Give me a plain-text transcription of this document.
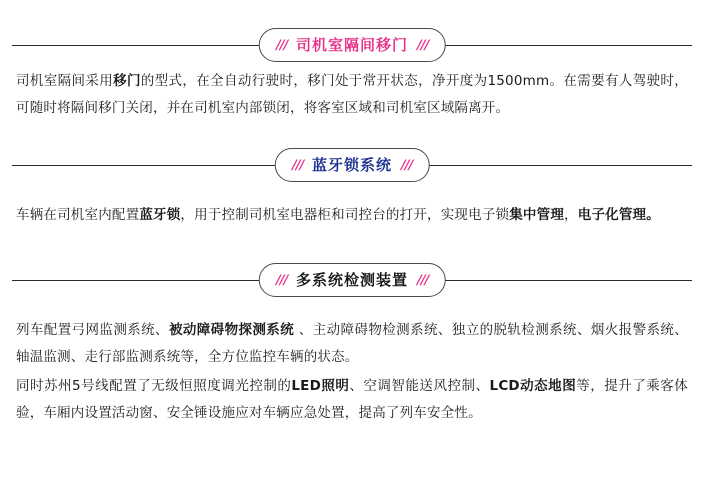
/// 司机室隔间移门 ///

司机室隔间采用移门的型式，在全自动行驶时，移门处于常开状态，净开度为1500mm。在需要有人驾驶时，可随时将隔间移门关闭，并在司机室内部锁闭，将客室区域和司机室区域隔离开。

/// 蓝牙锁系统 ///

车辆在司机室内配置蓝牙锁，用于控制司机室电器柜和司控台的打开，实现电子锁集中管理，电子化管理。

/// 多系统检测装置 ///

列车配置弓网监测系统、被动障碍物探测系统 、主动障碍物检测系统、独立的脱轨检测系统、烟火报警系统、轴温监测、走行部监测系统等，全方位监控车辆的状态。

同时苏州5号线配置了无级恒照度调光控制的LED照明、空调智能送风控制、LCD动态地图等，提升了乘客体验，车厢内设置活动窗、安全锤设施应对车辆应急处置，提高了列车安全性。
